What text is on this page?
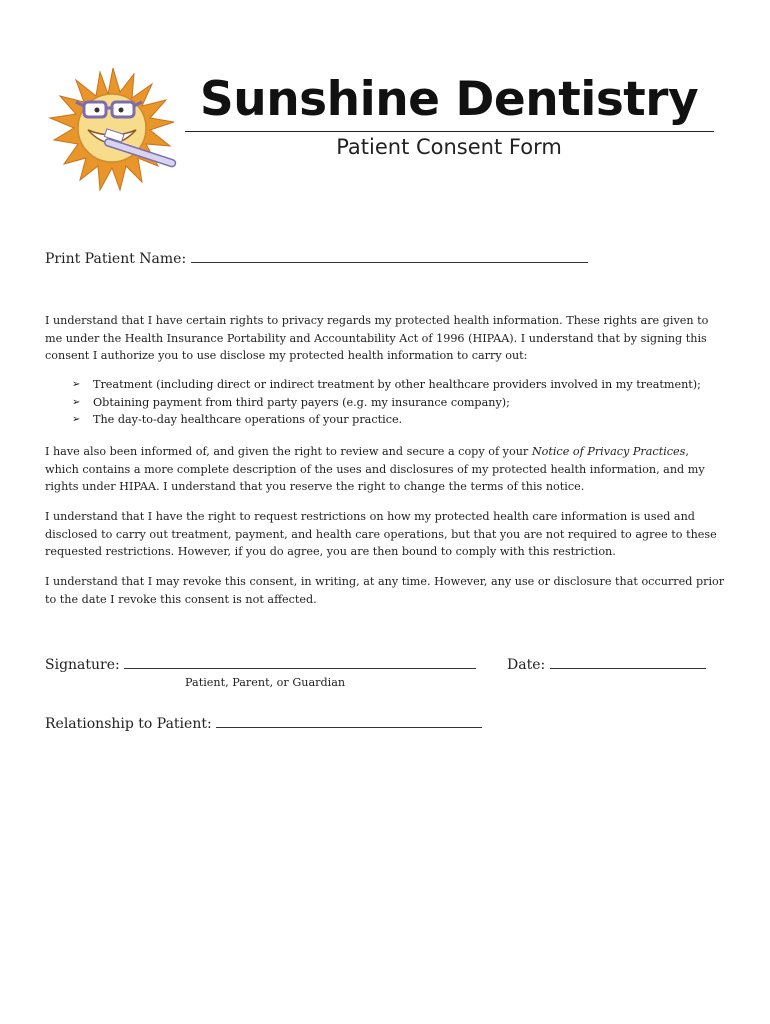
Sunshine Dentistry
Patient Consent Form
Print Patient Name:

I understand that I have certain rights to privacy regards my protected health information. These rights are given to me under the Health Insurance Portability and Accountability Act of 1996 (HIPAA). I understand that by signing this consent I authorize you to use disclose my protected health information to carry out:

➢ Treatment (including direct or indirect treatment by other healthcare providers involved in my treatment);
➢ Obtaining payment from third party payers (e.g. my insurance company);
➢ The day-to-day healthcare operations of your practice.

I have also been informed of, and given the right to review and secure a copy of your Notice of Privacy Practices, which contains a more complete description of the uses and disclosures of my protected health information, and my rights under HIPAA. I understand that you reserve the right to change the terms of this notice.

I understand that I have the right to request restrictions on how my protected health care information is used and disclosed to carry out treatment, payment, and health care operations, but that you are not required to agree to these requested restrictions. However, if you do agree, you are then bound to comply with this restriction.

I understand that I may revoke this consent, in writing, at any time. However, any use or disclosure that occurred prior to the date I revoke this consent is not affected.

Signature:	Date:
Patient, Parent, or Guardian
Relationship to Patient:
